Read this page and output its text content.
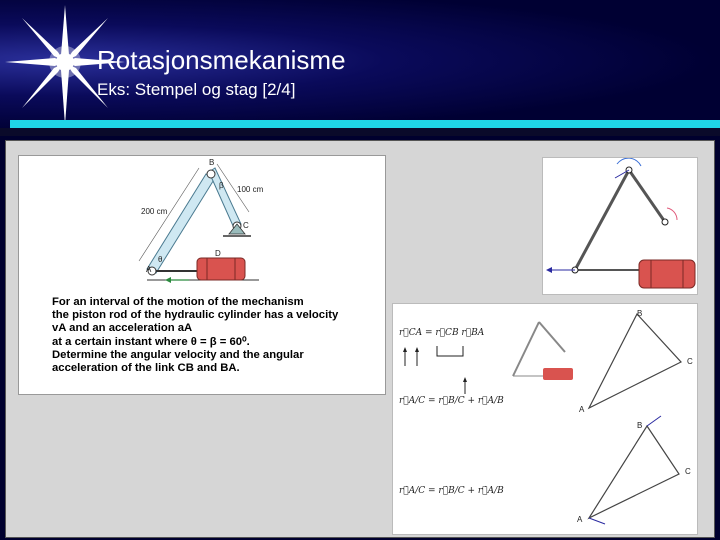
Rotasjonsmekanisme
Eks: Stempel og stag [2/4]
100 cm
200 cm
B
C
A
D
θ
β
For an interval of the motion of the mechanism
the piston rod of the hydraulic cylinder has a velocity
vA and an acceleration aA
at a certain instant where θ = β = 60⁰.
Determine the angular velocity and the angular
acceleration of the link CB and BA.
r⃗CA = r⃗CB r⃗BA
r⃗A/C = r⃗B/C + r⃗A/B
r⃗̇A/C = r⃗̇B/C + r⃗̇A/B
B
C
A
B
C
A
